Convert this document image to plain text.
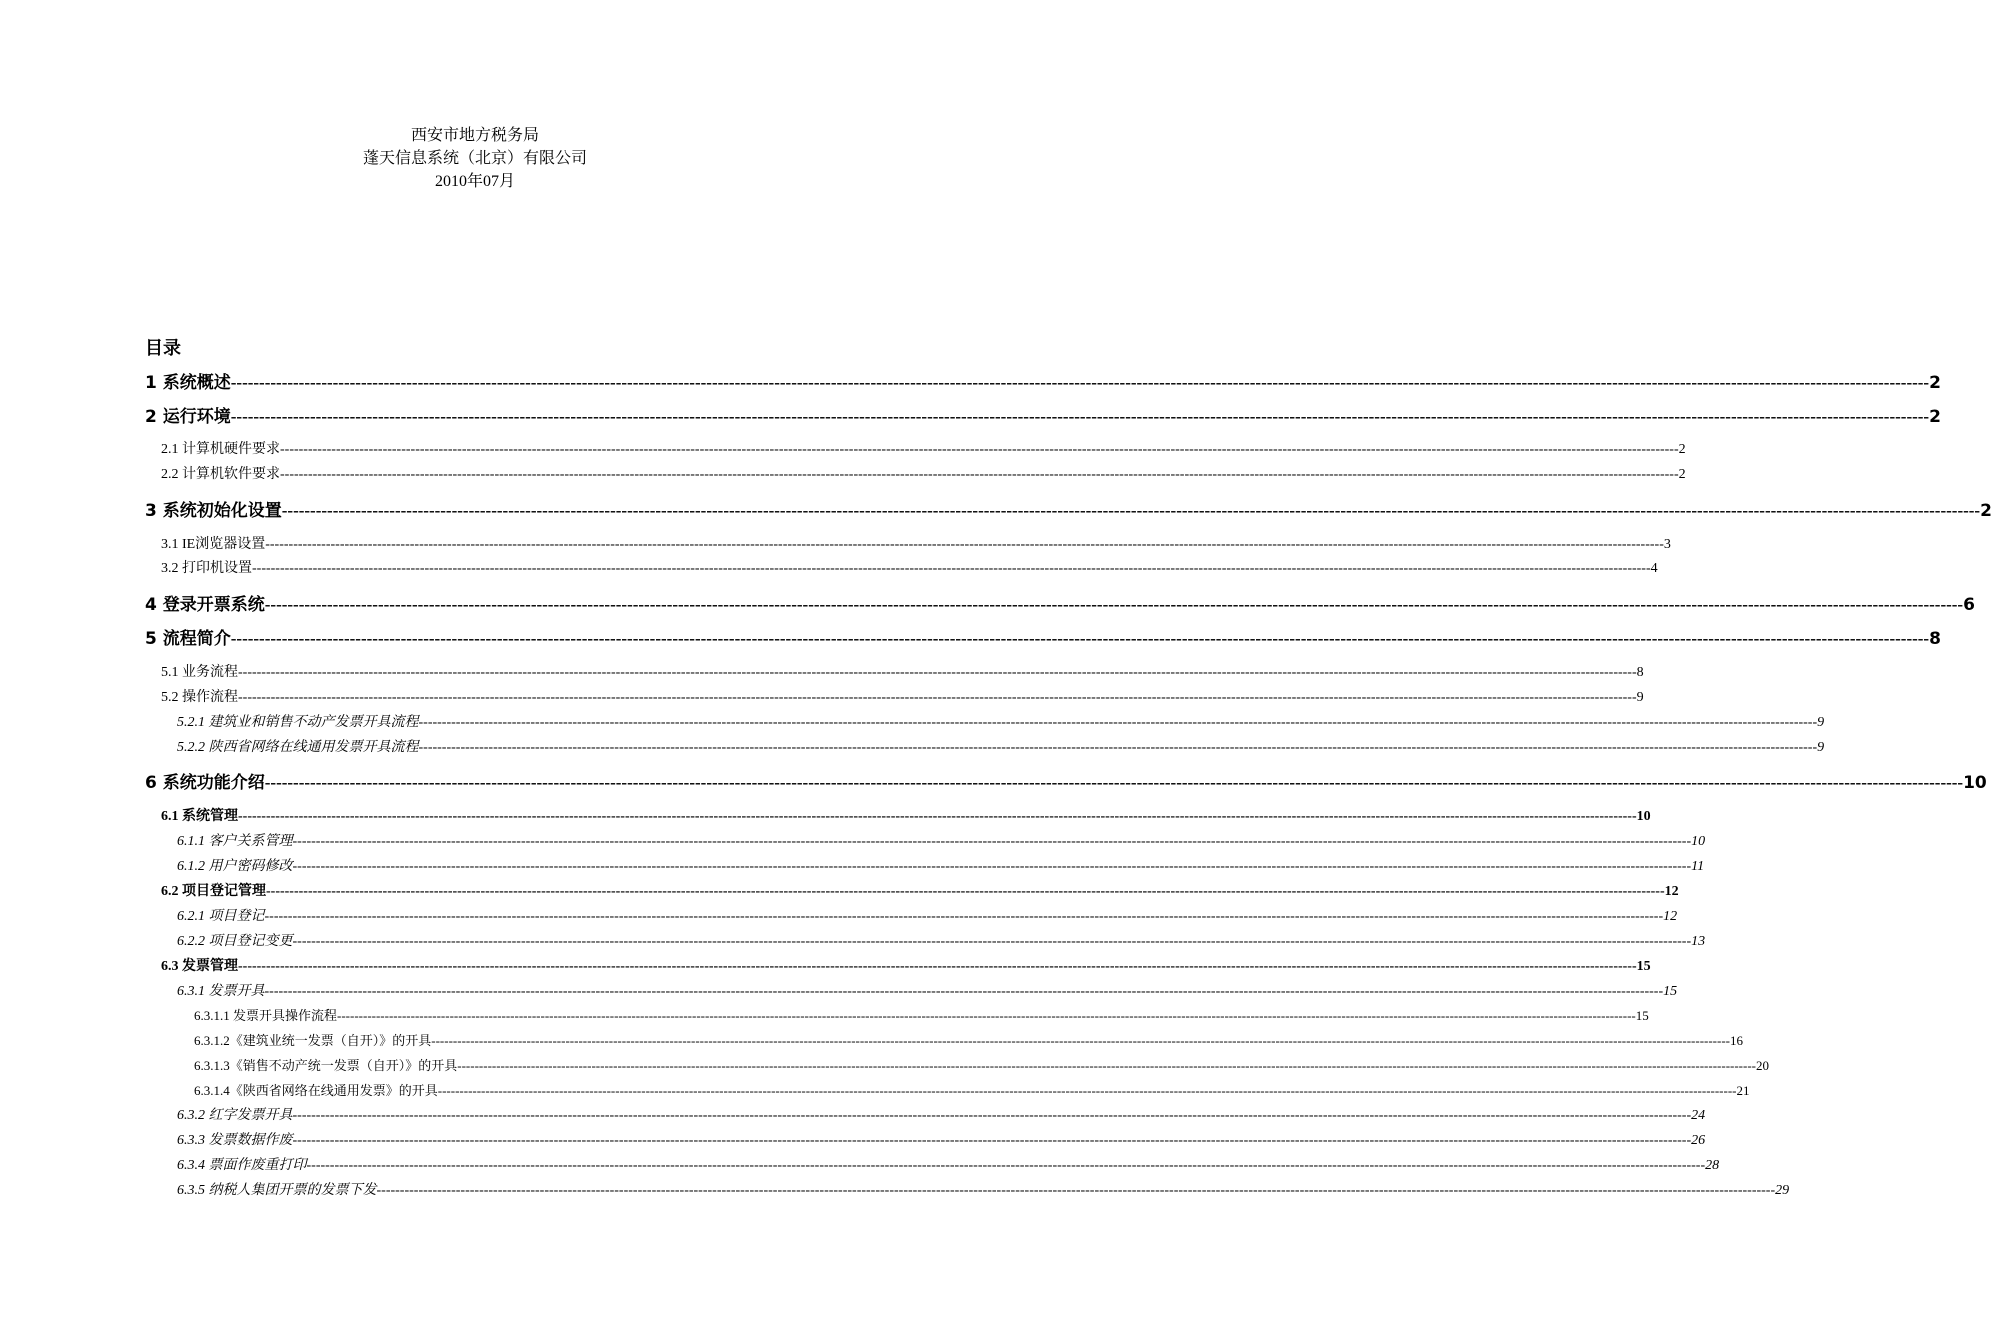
西安市地方税务局
蓬天信息系统（北京）有限公司
2010年07月
目录
1 系统概述 ------------------------------------------------------------------------------------------------------------------------------------------------------------------------------------------------------------------------------------------------------------------------------------------------------------ 2
2 运行环境 ------------------------------------------------------------------------------------------------------------------------------------------------------------------------------------------------------------------------------------------------------------------------------------------------------------ 2
2.1 计算机硬件要求 ------------------------------------------------------------------------------------------------------------------------------------------------------------------------------------------------------------------------------------------------------------------------------------------------------------ 2
2.2 计算机软件要求 ------------------------------------------------------------------------------------------------------------------------------------------------------------------------------------------------------------------------------------------------------------------------------------------------------------ 2
3 系统初始化设置 ------------------------------------------------------------------------------------------------------------------------------------------------------------------------------------------------------------------------------------------------------------------------------------------------------------ 2
3.1 IE浏览器设置 ------------------------------------------------------------------------------------------------------------------------------------------------------------------------------------------------------------------------------------------------------------------------------------------------------------ 3
3.2 打印机设置 ------------------------------------------------------------------------------------------------------------------------------------------------------------------------------------------------------------------------------------------------------------------------------------------------------------ 4
4 登录开票系统 ------------------------------------------------------------------------------------------------------------------------------------------------------------------------------------------------------------------------------------------------------------------------------------------------------------ 6
5 流程简介 ------------------------------------------------------------------------------------------------------------------------------------------------------------------------------------------------------------------------------------------------------------------------------------------------------------ 8
5.1 业务流程 ------------------------------------------------------------------------------------------------------------------------------------------------------------------------------------------------------------------------------------------------------------------------------------------------------------ 8
5.2 操作流程 ------------------------------------------------------------------------------------------------------------------------------------------------------------------------------------------------------------------------------------------------------------------------------------------------------------ 9
5.2.1 建筑业和销售不动产发票开具流程 ------------------------------------------------------------------------------------------------------------------------------------------------------------------------------------------------------------------------------------------------------------------------------------------------------------ 9
5.2.2 陕西省网络在线通用发票开具流程 ------------------------------------------------------------------------------------------------------------------------------------------------------------------------------------------------------------------------------------------------------------------------------------------------------------ 9
6 系统功能介绍 ------------------------------------------------------------------------------------------------------------------------------------------------------------------------------------------------------------------------------------------------------------------------------------------------------------ 10
6.1 系统管理 ------------------------------------------------------------------------------------------------------------------------------------------------------------------------------------------------------------------------------------------------------------------------------------------------------------ 10
6.1.1 客户关系管理 ------------------------------------------------------------------------------------------------------------------------------------------------------------------------------------------------------------------------------------------------------------------------------------------------------------ 10
6.1.2 用户密码修改 ------------------------------------------------------------------------------------------------------------------------------------------------------------------------------------------------------------------------------------------------------------------------------------------------------------ 11
6.2 项目登记管理 ------------------------------------------------------------------------------------------------------------------------------------------------------------------------------------------------------------------------------------------------------------------------------------------------------------ 12
6.2.1 项目登记 ------------------------------------------------------------------------------------------------------------------------------------------------------------------------------------------------------------------------------------------------------------------------------------------------------------ 12
6.2.2 项目登记变更 ------------------------------------------------------------------------------------------------------------------------------------------------------------------------------------------------------------------------------------------------------------------------------------------------------------ 13
6.3 发票管理 ------------------------------------------------------------------------------------------------------------------------------------------------------------------------------------------------------------------------------------------------------------------------------------------------------------ 15
6.3.1 发票开具 ------------------------------------------------------------------------------------------------------------------------------------------------------------------------------------------------------------------------------------------------------------------------------------------------------------ 15
6.3.1.1 发票开具操作流程 ------------------------------------------------------------------------------------------------------------------------------------------------------------------------------------------------------------------------------------------------------------------------------------------------------------ 15
6.3.1.2《建筑业统一发票（自开）》的开具 ------------------------------------------------------------------------------------------------------------------------------------------------------------------------------------------------------------------------------------------------------------------------------------------------------------ 16
6.3.1.3《销售不动产统一发票（自开）》的开具 ------------------------------------------------------------------------------------------------------------------------------------------------------------------------------------------------------------------------------------------------------------------------------------------------------------ 20
6.3.1.4《陕西省网络在线通用发票》的开具 ------------------------------------------------------------------------------------------------------------------------------------------------------------------------------------------------------------------------------------------------------------------------------------------------------------ 21
6.3.2 红字发票开具 ------------------------------------------------------------------------------------------------------------------------------------------------------------------------------------------------------------------------------------------------------------------------------------------------------------ 24
6.3.3 发票数据作废 ------------------------------------------------------------------------------------------------------------------------------------------------------------------------------------------------------------------------------------------------------------------------------------------------------------ 26
6.3.4 票面作废重打印 ------------------------------------------------------------------------------------------------------------------------------------------------------------------------------------------------------------------------------------------------------------------------------------------------------------ 28
6.3.5 纳税人集团开票的发票下发 ------------------------------------------------------------------------------------------------------------------------------------------------------------------------------------------------------------------------------------------------------------------------------------------------------------ 29
